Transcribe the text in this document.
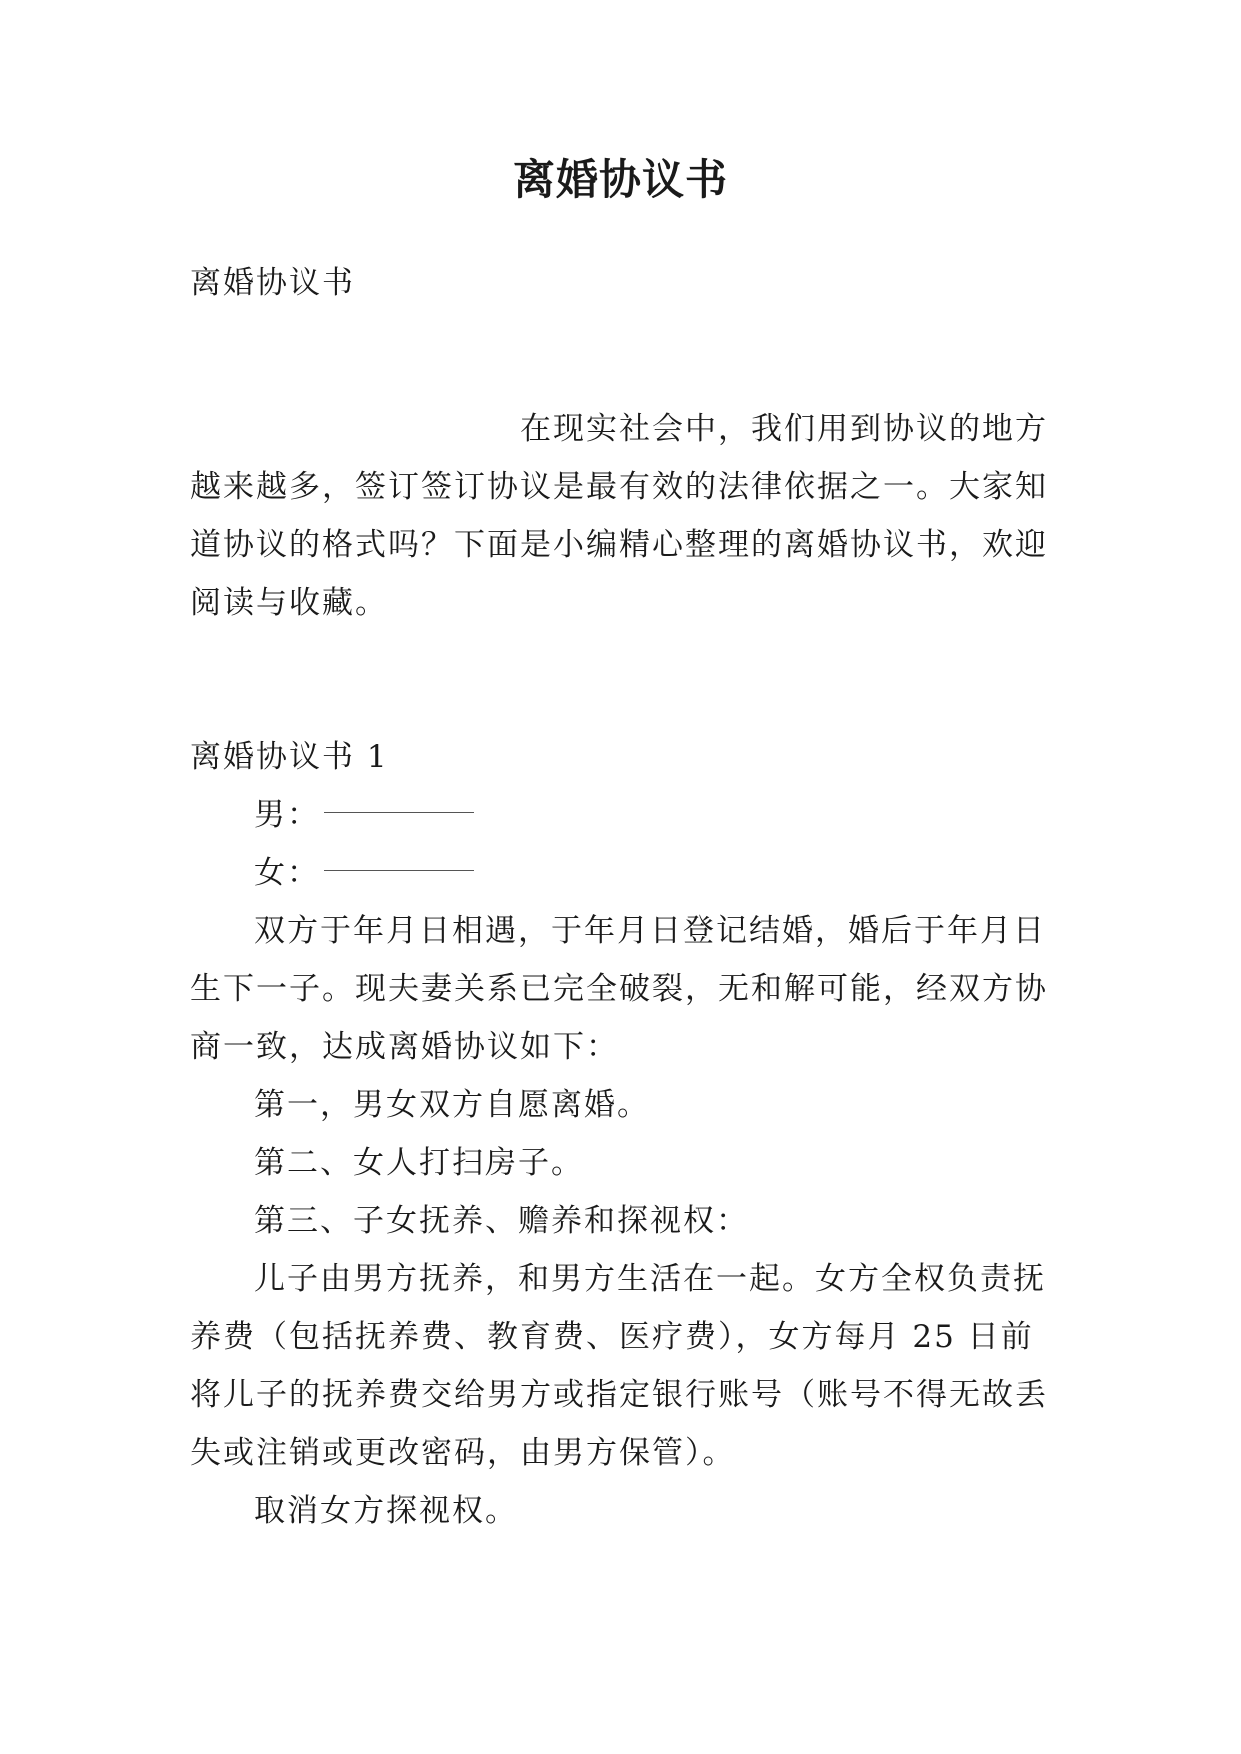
离婚协议书

离婚协议书

在现实社会中，我们用到协议的地方越来越多，签订签订协议是最有效的法律依据之一。大家知道协议的格式吗？下面是小编精心整理的离婚协议书，欢迎阅读与收藏。

离婚协议书 1

男：
女：

双方于年月日相遇，于年月日登记结婚，婚后于年月日生下一子。现夫妻关系已完全破裂，无和解可能，经双方协商一致，达成离婚协议如下：

第一，男女双方自愿离婚。

第二、女人打扫房子。

第三、子女抚养、赡养和探视权：

儿子由男方抚养，和男方生活在一起。女方全权负责抚养费（包括抚养费、教育费、医疗费），女方每月 25 日前将儿子的抚养费交给男方或指定银行账号（账号不得无故丢失或注销或更改密码，由男方保管）。

取消女方探视权。
